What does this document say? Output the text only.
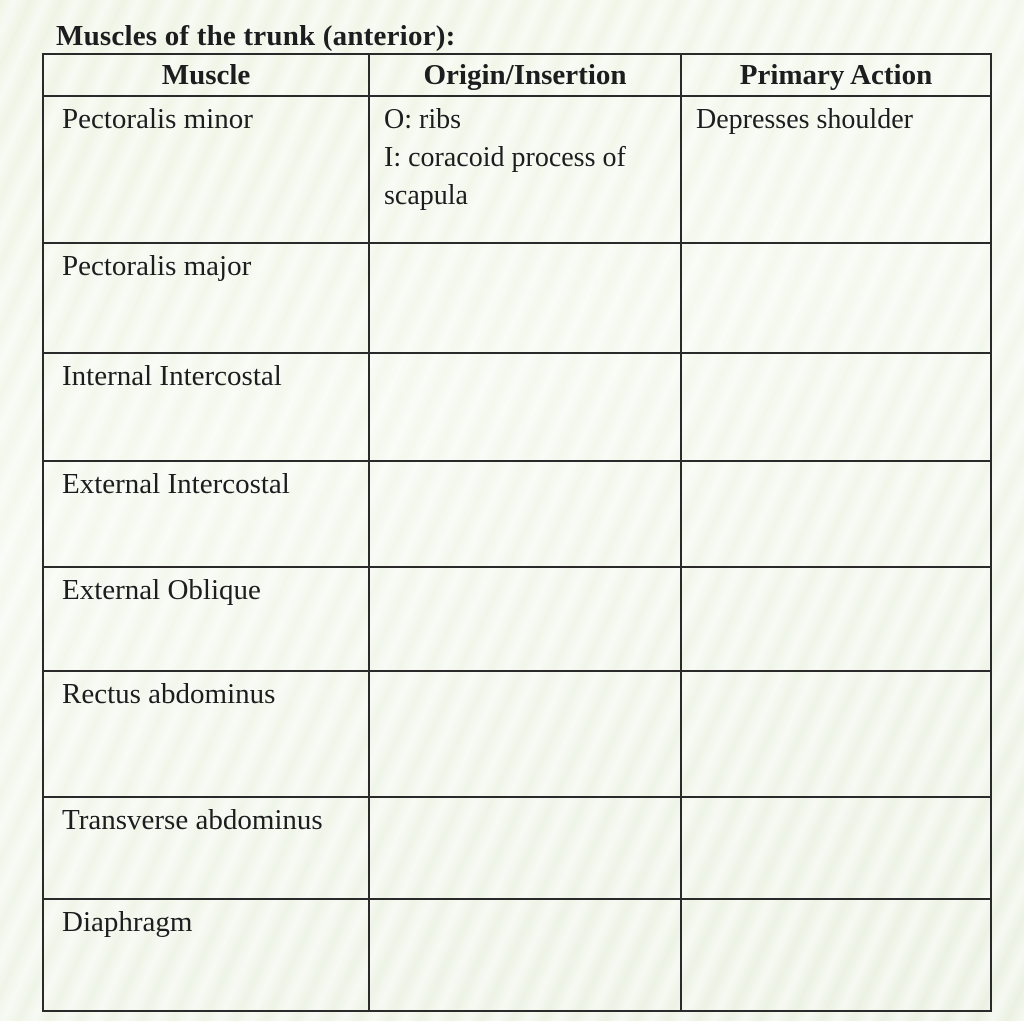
Muscles of the trunk (anterior):
Muscle	Origin/Insertion	Primary Action

Pectoralis minor	O: ribs
I: coracoid process of
scapula	Depresses shoulder

Pectoralis major		

Internal Intercostal		

External Intercostal		

External Oblique		

Rectus abdominus		

Transverse abdominus		

Diaphragm		
